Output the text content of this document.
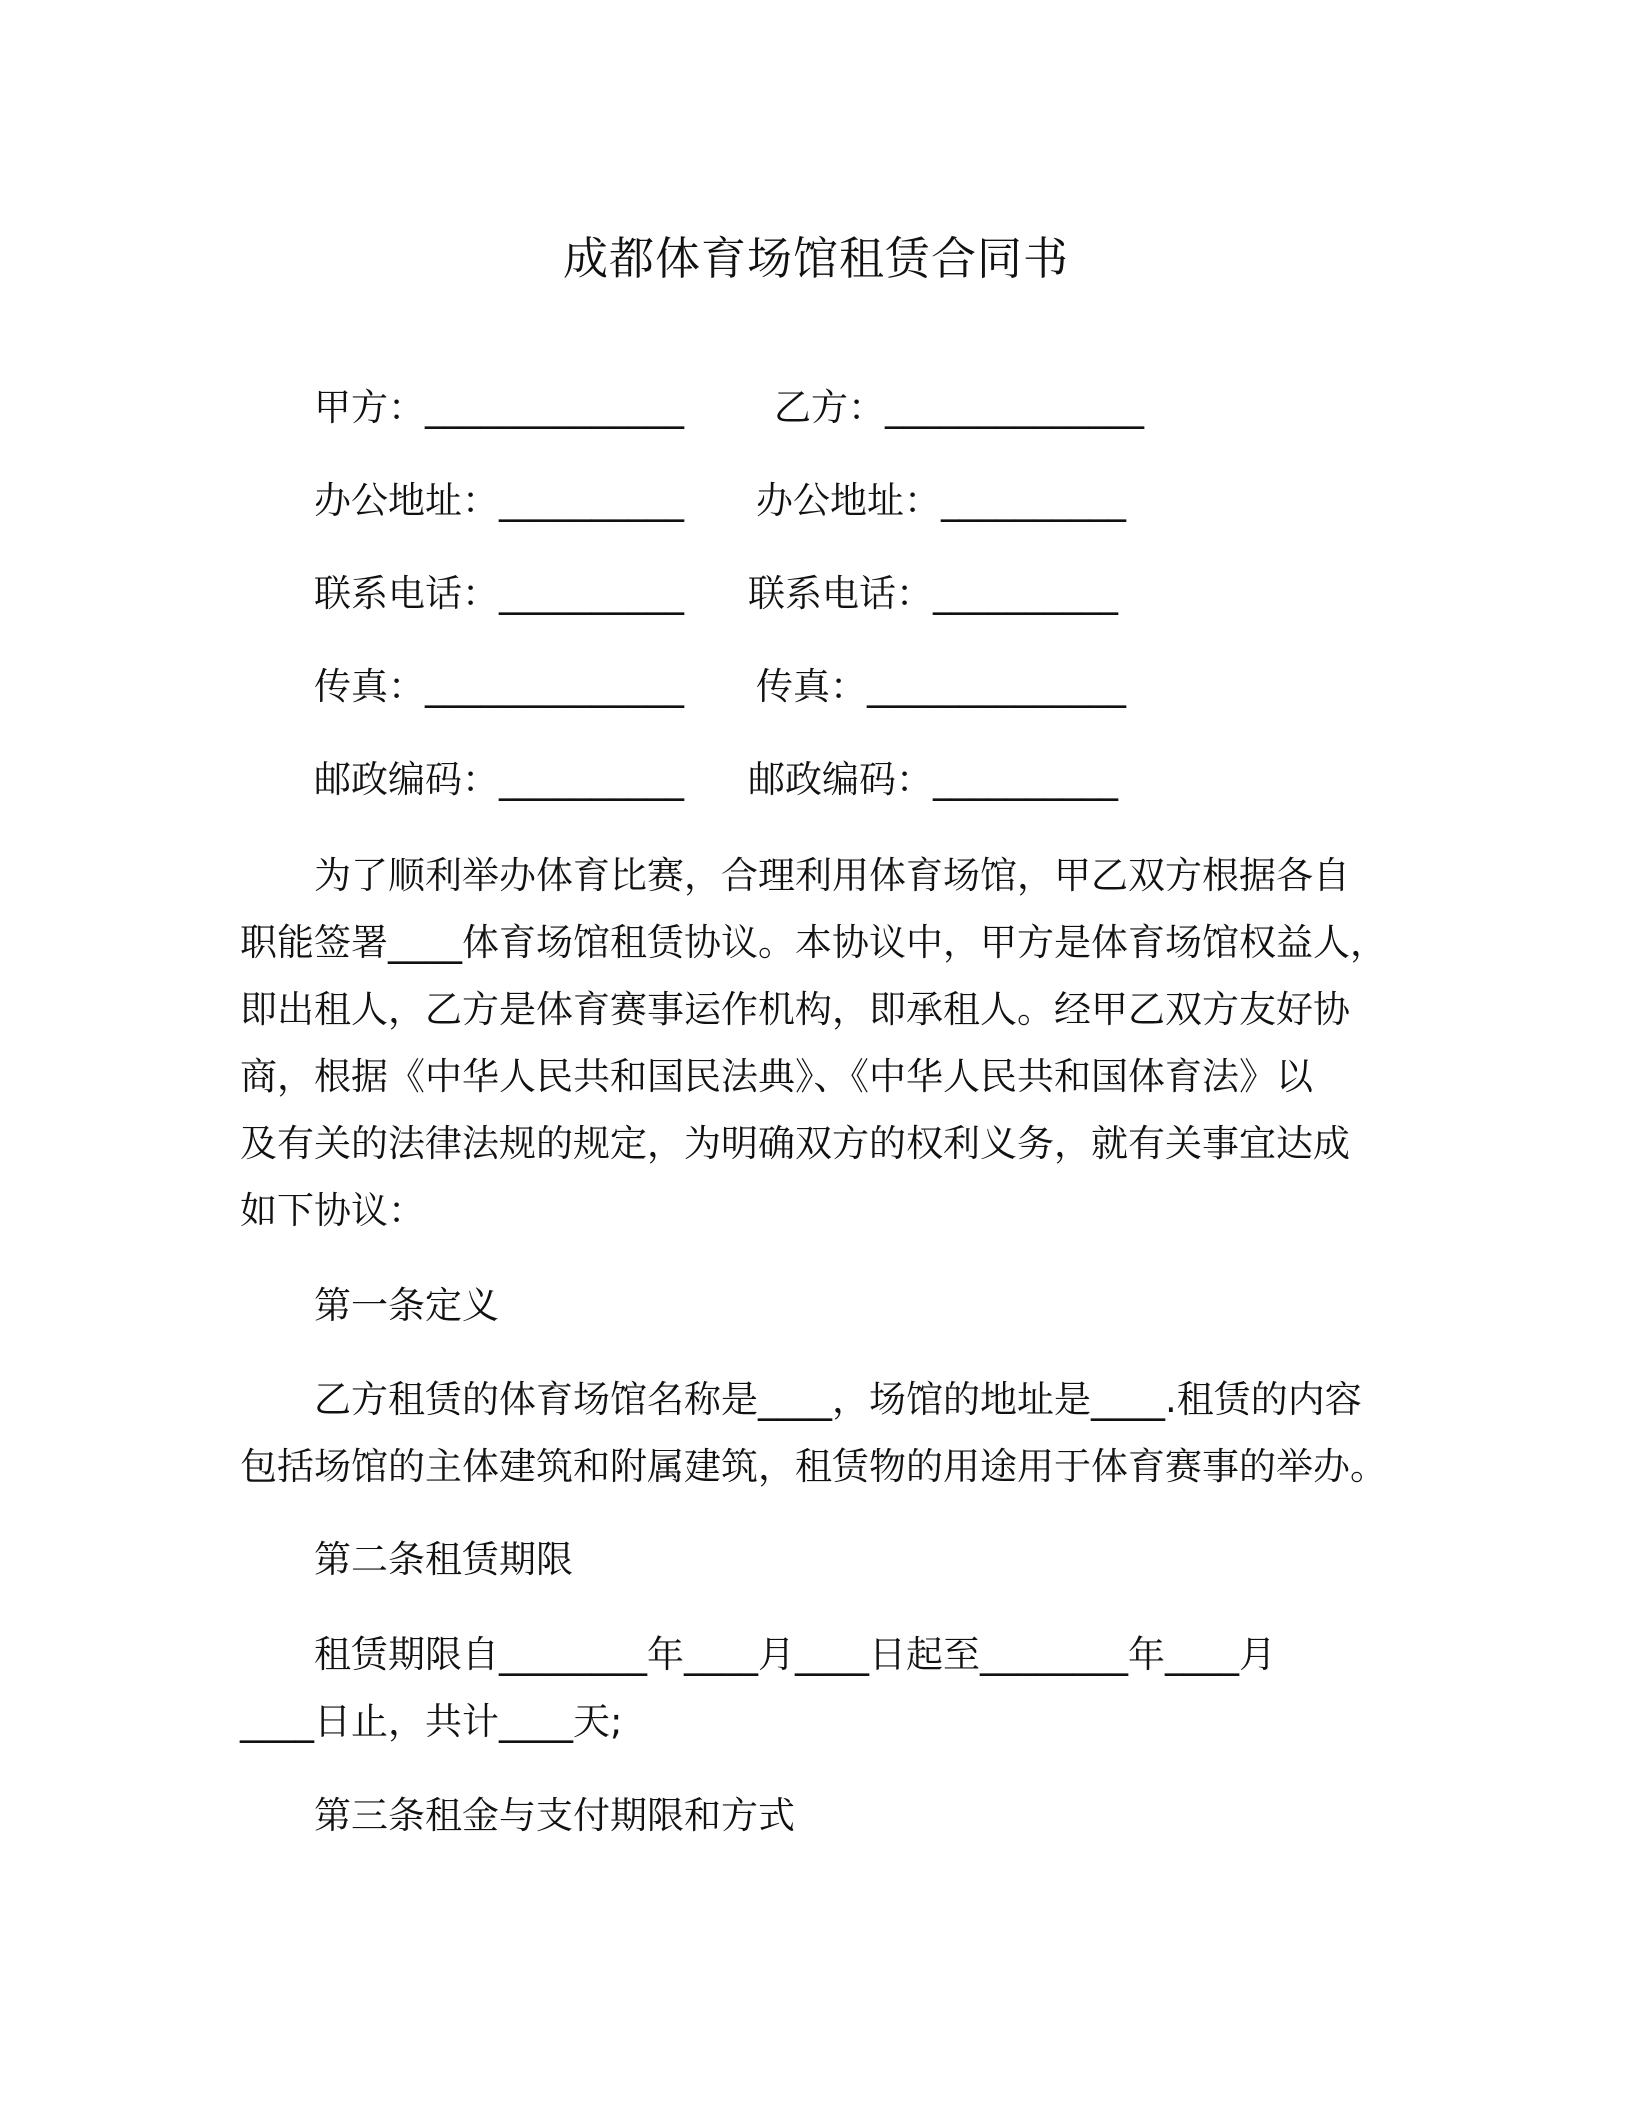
成都体育场馆租赁合同书
甲方：______________ 乙方：______________
办公地址：__________ 办公地址：__________
联系电话：__________ 联系电话：__________
传真：______________ 传真：______________
邮政编码：__________ 邮政编码：__________
为了顺利举办体育比赛，合理利用体育场馆，甲乙双方根据各自
职能签署____体育场馆租赁协议。本协议中，甲方是体育场馆权益人，
即出租人，乙方是体育赛事运作机构，即承租人。经甲乙双方友好协
商，根据《中华人民共和国民法典》、《中华人民共和国体育法》以
及有关的法律法规的规定，为明确双方的权利义务，就有关事宜达成
如下协议：
第一条定义
乙方租赁的体育场馆名称是____，场馆的地址是____.租赁的内容
包括场馆的主体建筑和附属建筑，租赁物的用途用于体育赛事的举办。
第二条租赁期限
租赁期限自________年____月____日起至________年____月
____日止，共计____天;
第三条租金与支付期限和方式
